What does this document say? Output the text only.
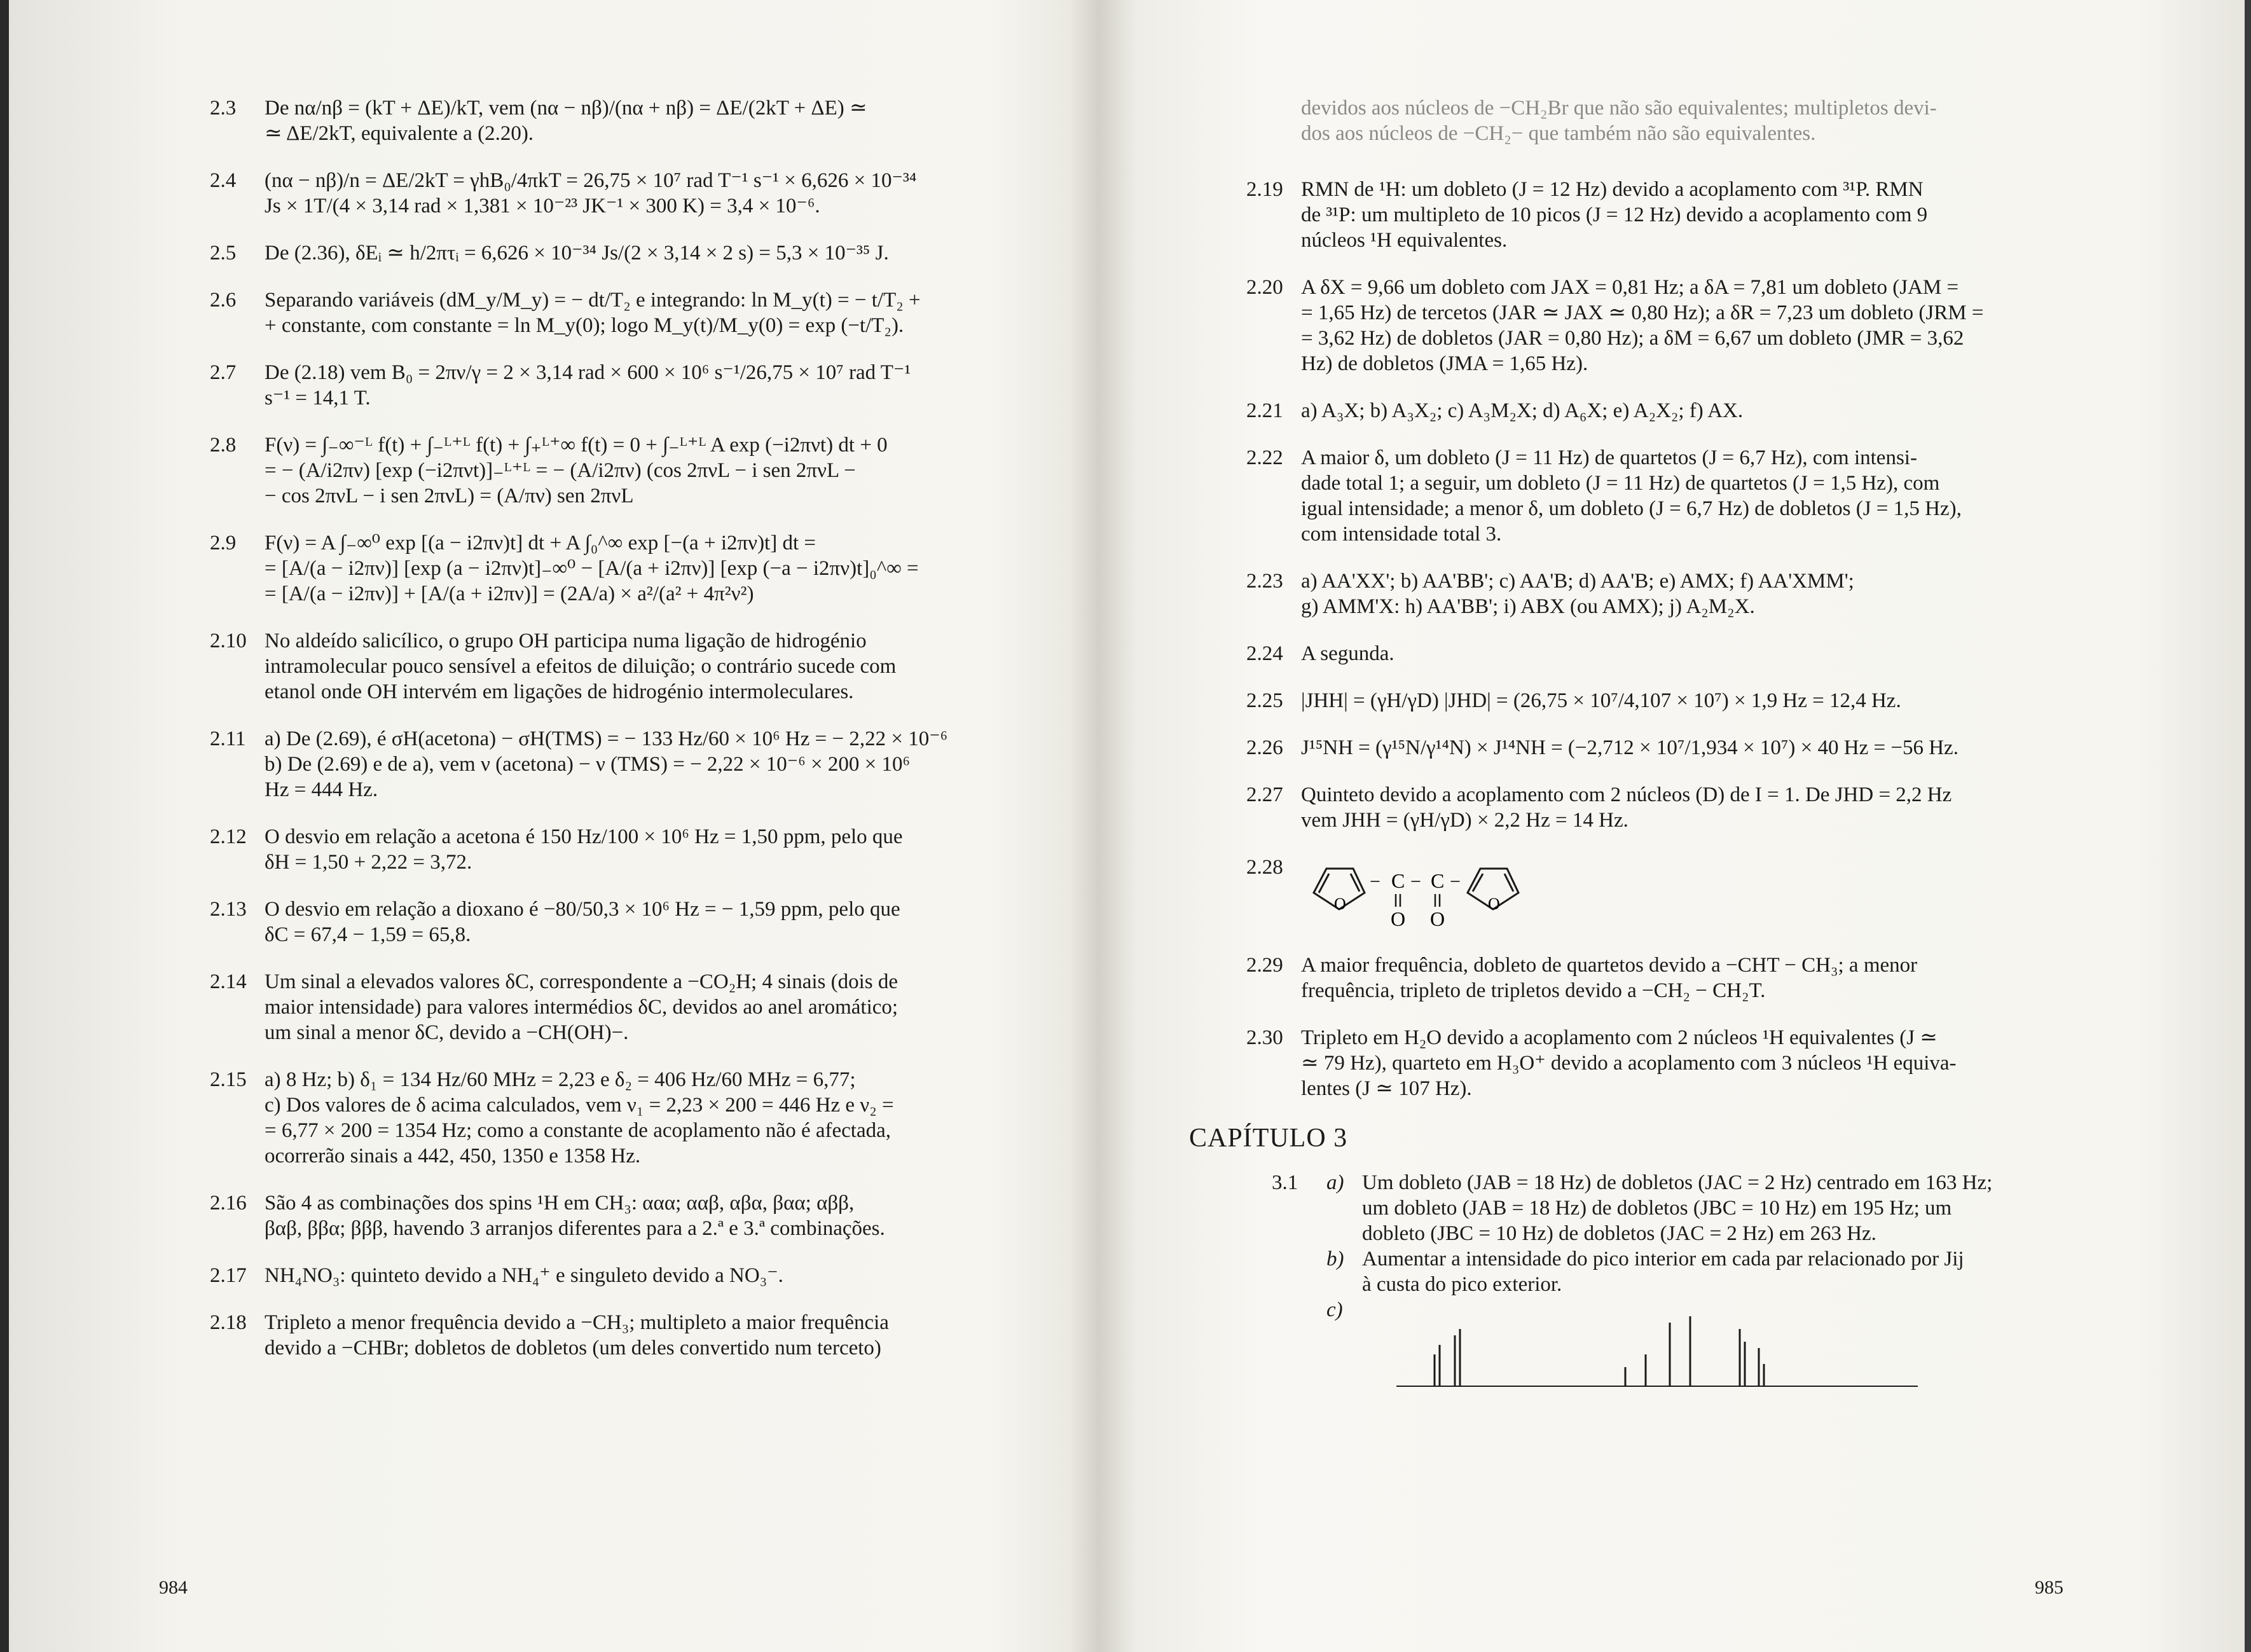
2.3	De nα/nβ = (kT + ΔE)/kT, vem (nα − nβ)/(nα + nβ) = ΔE/(2kT + ΔE) ≃

≃ ΔE/2kT, equivalente a (2.20).

2.4	(nα − nβ)/n = ΔE/2kT = γhB₀/4πkT = 26,75 × 10⁷ rad T⁻¹ s⁻¹ × 6,626 × 10⁻³⁴

Js × 1T/(4 × 3,14 rad × 1,381 × 10⁻²³ JK⁻¹ × 300 K) = 3,4 × 10⁻⁶.

2.5	De (2.36), δEᵢ ≃ h/2πτᵢ = 6,626 × 10⁻³⁴ Js/(2 × 3,14 × 2 s) = 5,3 × 10⁻³⁵ J.

2.6	Separando variáveis (dM_y/M_y) = − dt/T₂ e integrando: ln M_y(t) = − t/T₂ +

+ constante, com constante = ln M_y(0); logo M_y(t)/M_y(0) = exp (−t/T₂).

2.7	De (2.18) vem B₀ = 2πν/γ = 2 × 3,14 rad × 600 × 10⁶ s⁻¹/26,75 × 10⁷ rad T⁻¹

s⁻¹ = 14,1 T.

2.8	F(ν) = ∫₋∞⁻ᴸ f(t) + ∫₋ᴸ⁺ᴸ f(t) + ∫₊ᴸ⁺∞ f(t) = 0 + ∫₋ᴸ⁺ᴸ A exp (−i2πνt) dt + 0

= − (A/i2πν) [exp (−i2πνt)]₋ᴸ⁺ᴸ = − (A/i2πν) (cos 2πνL − i sen 2πνL −

− cos 2πνL − i sen 2πνL) = (A/πν) sen 2πνL

2.9	F(ν) = A ∫₋∞⁰ exp [(a − i2πν)t] dt + A ∫₀^∞ exp [−(a + i2πν)t] dt =

= [A/(a − i2πν)] [exp (a − i2πν)t]₋∞⁰ − [A/(a + i2πν)] [exp (−a − i2πν)t]₀^∞ =

= [A/(a − i2πν)] + [A/(a + i2πν)] = (2A/a) × a²/(a² + 4π²ν²)

2.10 No aldeído salicílico, o grupo OH participa numa ligação de hidrogénio

intramolecular pouco sensível a efeitos de diluição; o contrário sucede com

etanol onde OH intervém em ligações de hidrogénio intermoleculares.

2.11 a) De (2.69), é σH(acetona) − σH(TMS) = − 133 Hz/60 × 10⁶ Hz = − 2,22 × 10⁻⁶

b) De (2.69) e de a), vem ν (acetona) − ν (TMS) = − 2,22 × 10⁻⁶ × 200 × 10⁶

Hz = 444 Hz.

2.12 O desvio em relação a acetona é 150 Hz/100 × 10⁶ Hz = 1,50 ppm, pelo que

δH = 1,50 + 2,22 = 3,72.

2.13 O desvio em relação a dioxano é −80/50,3 × 10⁶ Hz = − 1,59 ppm, pelo que

δC = 67,4 − 1,59 = 65,8.

2.14 Um sinal a elevados valores δC, correspondente a −CO₂H; 4 sinais (dois de

maior intensidade) para valores intermédios δC, devidos ao anel aromático;

um sinal a menor δC, devido a −CH(OH)−.

2.15 a) 8 Hz; b) δ₁ = 134 Hz/60 MHz = 2,23 e δ₂ = 406 Hz/60 MHz = 6,77;

c) Dos valores de δ acima calculados, vem ν₁ = 2,23 × 200 = 446 Hz e ν₂ =

= 6,77 × 200 = 1354 Hz; como a constante de acoplamento não é afectada,

ocorrerão sinais a 442, 450, 1350 e 1358 Hz.

2.16 São 4 as combinações dos spins ¹H em CH₃: ααα; ααβ, αβα, βαα; αββ,

βαβ, ββα; βββ, havendo 3 arranjos diferentes para a 2.ª e 3.ª combinações.

2.17 NH₄NO₃: quinteto devido a NH₄⁺ e singuleto devido a NO₃⁻.

2.18 Tripleto a menor frequência devido a −CH₃; multipleto a maior frequência

devido a −CHBr; dobletos de dobletos (um deles convertido num terceto)

984

devidos aos núcleos de −CH₂Br que não são equivalentes; multipletos devi-

dos aos núcleos de −CH₂− que também não são equivalentes.

2.19 RMN de ¹H: um dobleto (J = 12 Hz) devido a acoplamento com ³¹P. RMN

de ³¹P: um multipleto de 10 picos (J = 12 Hz) devido a acoplamento com 9

núcleos ¹H equivalentes.

2.20 A δX = 9,66 um dobleto com JAX = 0,81 Hz; a δA = 7,81 um dobleto (JAM =

= 1,65 Hz) de tercetos (JAR ≃ JAX ≃ 0,80 Hz); a δR = 7,23 um dobleto (JRM =

= 3,62 Hz) de dobletos (JAR = 0,80 Hz); a δM = 6,67 um dobleto (JMR = 3,62

Hz) de dobletos (JMA = 1,65 Hz).

2.21 a) A₃X; b) A₃X₂; c) A₃M₂X; d) A₆X; e) A₂X₂; f) AX.

2.22 A maior δ, um dobleto (J = 11 Hz) de quartetos (J = 6,7 Hz), com intensi-

dade total 1; a seguir, um dobleto (J = 11 Hz) de quartetos (J = 1,5 Hz), com

igual intensidade; a menor δ, um dobleto (J = 6,7 Hz) de dobletos (J = 1,5 Hz),

com intensidade total 3.

2.23 a) AA'XX'; b) AA'BB'; c) AA'B; d) AA'B; e) AMX; f) AA'XMM';

g) AMM'X: h) AA'BB'; i) ABX (ou AMX); j) A₂M₂X.

2.24 A segunda.

2.25 |JHH| = (γH/γD) |JHD| = (26,75 × 10⁷/4,107 × 10⁷) × 1,9 Hz = 12,4 Hz.

2.26 J¹⁵NH = (γ¹⁵N/γ¹⁴N) × J¹⁴NH = (−2,712 × 10⁷/1,934 × 10⁷) × 40 Hz = −56 Hz.

2.27 Quinteto devido a acoplamento com 2 núcleos (D) de I = 1. De JHD = 2,2 Hz

vem JHH = (γH/γD) × 2,2 Hz = 14 Hz.

2.28
O
− C − C −
O O
O
2.29 A maior frequência, dobleto de quartetos devido a −CHT − CH₃; a menor

frequência, tripleto de tripletos devido a −CH₂ − CH₂T.

2.30 Tripleto em H₂O devido a acoplamento com 2 núcleos ¹H equivalentes (J ≃

≃ 79 Hz), quarteto em H₃O⁺ devido a acoplamento com 3 núcleos ¹H equiva-

lentes (J ≃ 107 Hz).

CAPÍTULO 3
3.1	a) Um dobleto (JAB = 18 Hz) de dobletos (JAC = 2 Hz) centrado em 163 Hz;

um dobleto (JAB = 18 Hz) de dobletos (JBC = 10 Hz) em 195 Hz; um

dobleto (JBC = 10 Hz) de dobletos (JAC = 2 Hz) em 263 Hz.

b) Aumentar a intensidade do pico interior em cada par relacionado por Jij

à custa do pico exterior.

c)
985
